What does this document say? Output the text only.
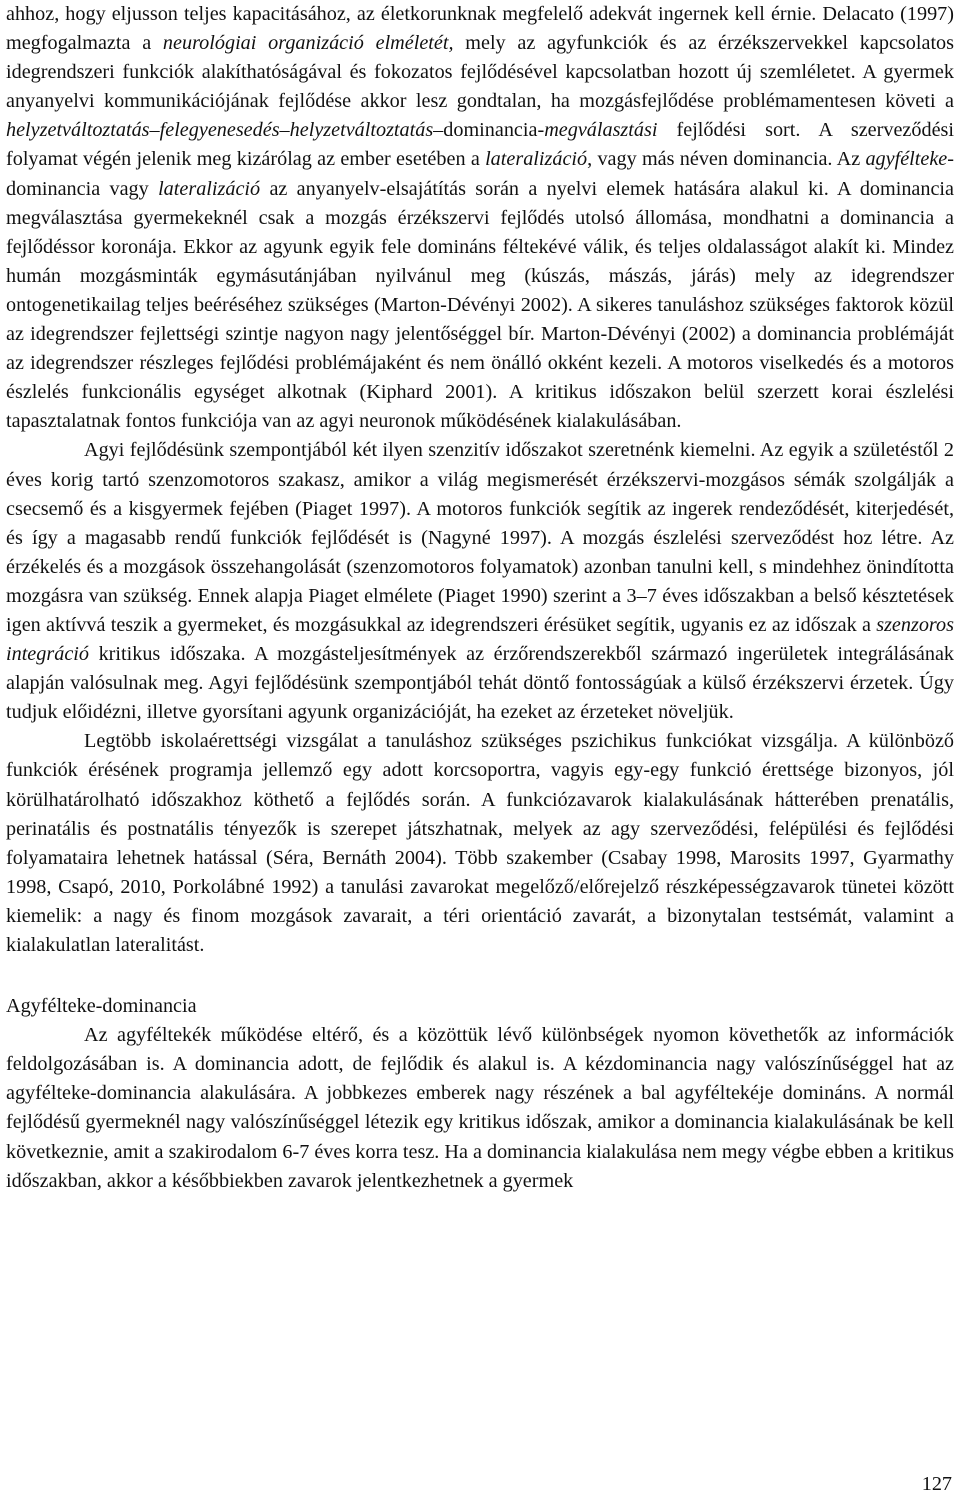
ahhoz, hogy eljusson teljes kapacitásához, az életkorunknak megfelelő adekvát ingernek kell érnie. Delacato (1997) megfogalmazta a neurológiai organizáció elméletét, mely az agyfunkciók és az érzékszervekkel kapcsolatos idegrendszeri funkciók alakíthatóságával és fokozatos fejlődésével kapcsolatban hozott új szemléletet. A gyermek anyanyelvi kommunikációjának fejlődése akkor lesz gondtalan, ha mozgásfejlődése problémamentesen követi a helyzetváltoztatás–felegyenesedés–helyzetváltoztatás–dominancia-megválasztási fejlődési sort. A szerveződési folyamat végén jelenik meg kizárólag az ember esetében a lateralizáció, vagy más néven dominancia. Az agyfélteke-dominancia vagy lateralizáció az anyanyelv-elsajátítás során a nyelvi elemek hatására alakul ki. A dominancia megválasztása gyermekeknél csak a mozgás érzékszervi fejlődés utolsó állomása, mondhatni a dominancia a fejlődéssor koronája. Ekkor az agyunk egyik fele domináns féltekévé válik, és teljes oldalasságot alakít ki. Mindez humán mozgásminták egymásutánjában nyilvánul meg (kúszás, mászás, járás) mely az idegrendszer ontogenetikailag teljes beéréséhez szükséges (Marton-Dévényi 2002). A sikeres tanuláshoz szükséges faktorok közül az idegrendszer fejlettségi szintje nagyon nagy jelentőséggel bír. Marton-Dévényi (2002) a dominancia problémáját az idegrendszer részleges fejlődési problémájaként és nem önálló okként kezeli. A motoros viselkedés és a motoros észlelés funkcionális egységet alkotnak (Kiphard 2001). A kritikus időszakon belül szerzett korai észlelési tapasztalatnak fontos funkciója van az agyi neuronok működésének kialakulásában.

Agyi fejlődésünk szempontjából két ilyen szenzitív időszakot szeretnénk kiemelni. Az egyik a születéstől 2 éves korig tartó szenzomotoros szakasz, amikor a világ megismerését érzékszervi-mozgásos sémák szolgálják a csecsemő és a kisgyermek fejében (Piaget 1997). A motoros funkciók segítik az ingerek rendeződését, kiterjedését, és így a magasabb rendű funkciók fejlődését is (Nagyné 1997). A mozgás észlelési szerveződést hoz létre. Az érzékelés és a mozgások összehangolását (szenzomotoros folyamatok) azonban tanulni kell, s mindehhez önindította mozgásra van szükség. Ennek alapja Piaget elmélete (Piaget 1990) szerint a 3‒7 éves időszakban a belső késztetések igen aktívvá teszik a gyermeket, és mozgásukkal az idegrendszeri érésüket segítik, ugyanis ez az időszak a szenzoros integráció kritikus időszaka. A mozgásteljesítmények az érzőrendszerekből származó ingerületek integrálásának alapján valósulnak meg. Agyi fejlődésünk szempontjából tehát döntő fontosságúak a külső érzékszervi érzetek. Úgy tudjuk előidézni, illetve gyorsítani agyunk organizációját, ha ezeket az érzeteket növeljük.

Legtöbb iskolaérettségi vizsgálat a tanuláshoz szükséges pszichikus funkciókat vizsgálja. A különböző funkciók érésének programja jellemző egy adott korcsoportra, vagyis egy-egy funkció érettsége bizonyos, jól körülhatárolható időszakhoz köthető a fejlődés során. A funkciózavarok kialakulásának hátterében prenatális, perinatális és postnatális tényezők is szerepet játszhatnak, melyek az agy szerveződési, felépülési és fejlődési folyamataira lehetnek hatással (Séra, Bernáth 2004). Több szakember (Csabay 1998, Marosits 1997, Gyarmathy 1998, Csapó, 2010, Porkolábné 1992) a tanulási zavarokat megelőző/előrejelző részképességzavarok tünetei között kiemelik: a nagy és finom mozgások zavarait, a téri orientáció zavarát, a bizonytalan testsémát, valamint a kialakulatlan lateralitást.

Agyfélteke-dominancia

Az agyféltekék működése eltérő, és a közöttük lévő különbségek nyomon követhetők az információk feldolgozásában is. A dominancia adott, de fejlődik és alakul is. A kézdominancia nagy valószínűséggel hat az agyfélteke-dominancia alakulására. A jobbkezes emberek nagy részének a bal agyféltekéje domináns. A normál fejlődésű gyermeknél nagy valószínűséggel létezik egy kritikus időszak, amikor a dominancia kialakulásának be kell következnie, amit a szakirodalom 6-7 éves korra tesz. Ha a dominancia kialakulása nem megy végbe ebben a kritikus időszakban, akkor a későbbiekben zavarok jelentkezhetnek a gyermek

127
